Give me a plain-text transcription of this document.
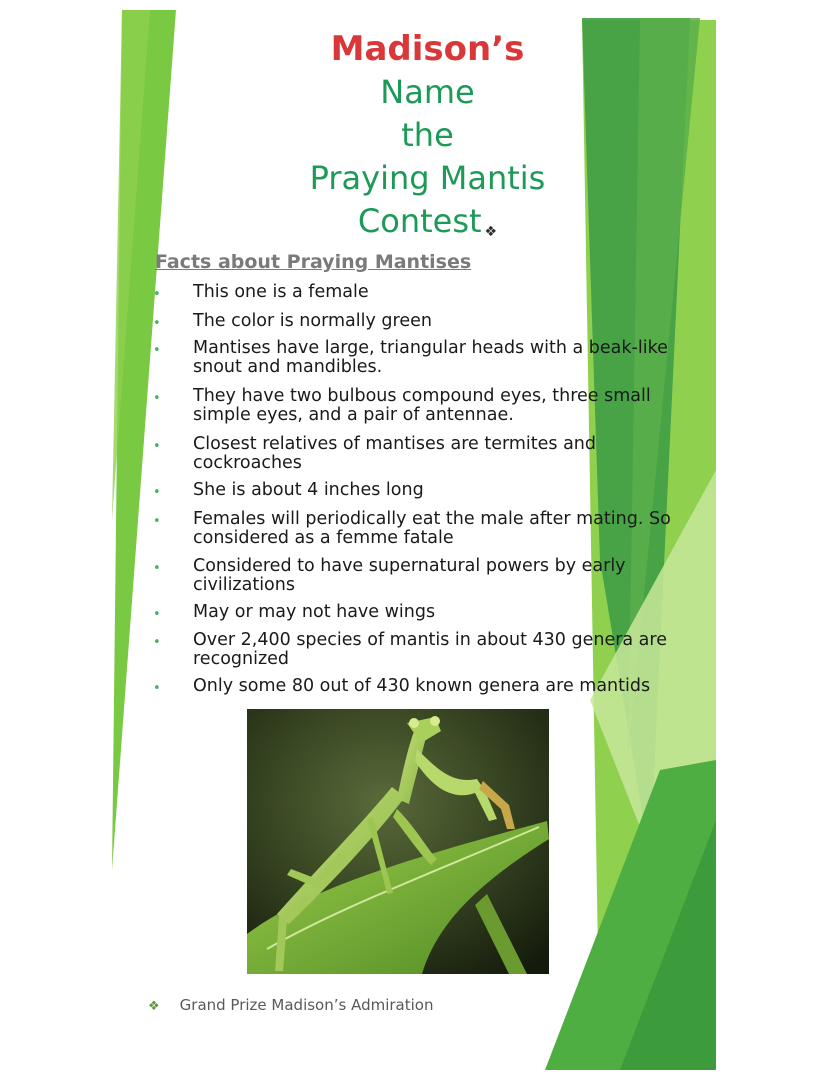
Madison’s
Name
the
Praying Mantis
Contest ❖
Facts about Praying Mantises
• This one is a female
• The color is normally green
• Mantises have large, triangular heads with a beak-like snout and mandibles.
• They have two bulbous compound eyes, three small simple eyes, and a pair of antennae.
• Closest relatives of mantises are termites and cockroaches
• She is about 4 inches long
• Females will periodically eat the male after mating. So considered as a femme fatale
• Considered to have supernatural powers by early civilizations
• May or may not have wings
• Over 2,400 species of mantis in about 430 genera are recognized
• Only some 80 out of 430 known genera are mantids
❖ Grand Prize Madison’s Admiration
